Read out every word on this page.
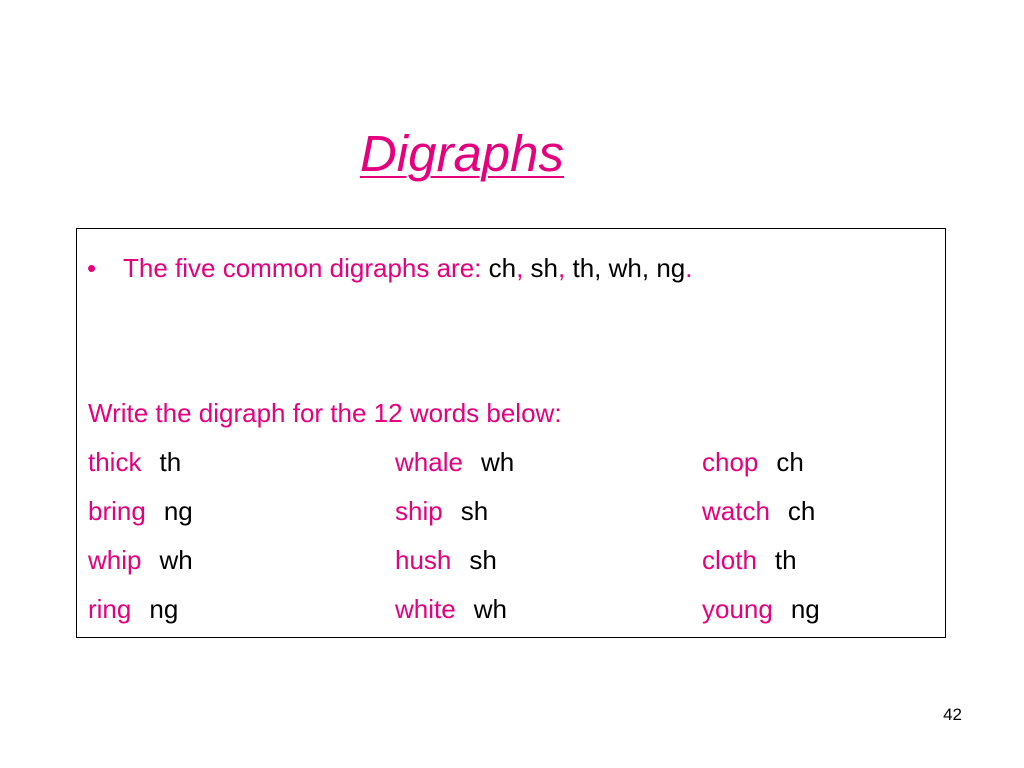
Digraphs
• The five common digraphs are: ch, sh, th, wh, ng.
Write the digraph for the 12 words below:
thick th	whale wh	chop ch
bring ng	ship sh	watch ch
whip wh	hush sh	cloth th
ring ng	white wh	young ng
42
